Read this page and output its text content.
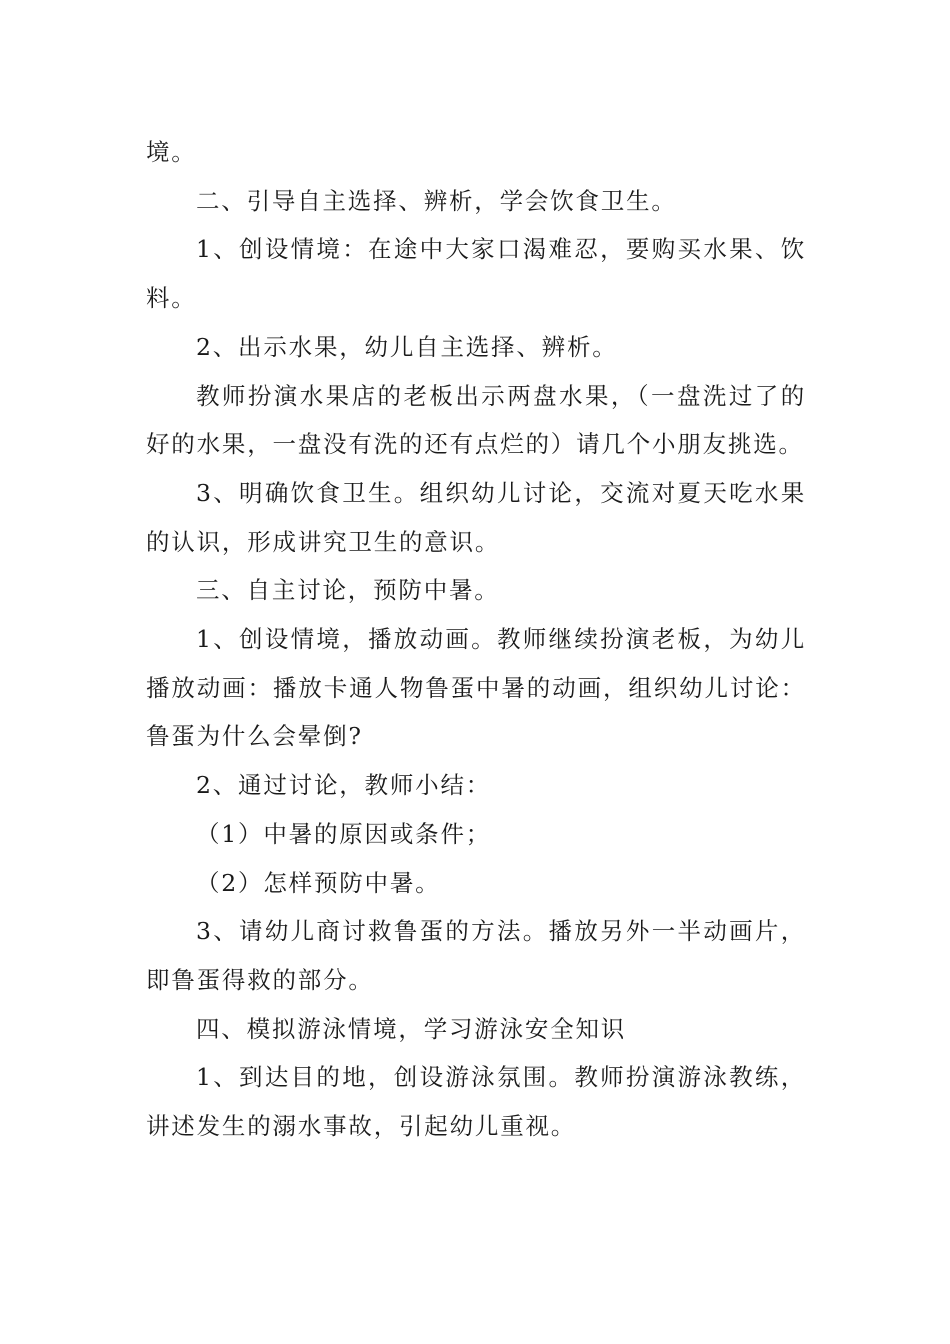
境。

二、引导自主选择、辨析，学会饮食卫生。

1、创设情境：在途中大家口渴难忍，要购买水果、饮料。

2、出示水果，幼儿自主选择、辨析。

教师扮演水果店的老板出示两盘水果，（一盘洗过了的好的水果，一盘没有洗的还有点烂的）请几个小朋友挑选。

3、明确饮食卫生。组织幼儿讨论，交流对夏天吃水果的认识，形成讲究卫生的意识。

三、自主讨论，预防中暑。

1、创设情境，播放动画。教师继续扮演老板，为幼儿播放动画：播放卡通人物鲁蛋中暑的动画，组织幼儿讨论：鲁蛋为什么会晕倒?

2、通过讨论，教师小结：

（1）中暑的原因或条件；

（2）怎样预防中暑。

3、请幼儿商讨救鲁蛋的方法。播放另外一半动画片，即鲁蛋得救的部分。

四、模拟游泳情境，学习游泳安全知识

1、到达目的地，创设游泳氛围。教师扮演游泳教练，讲述发生的溺水事故，引起幼儿重视。
